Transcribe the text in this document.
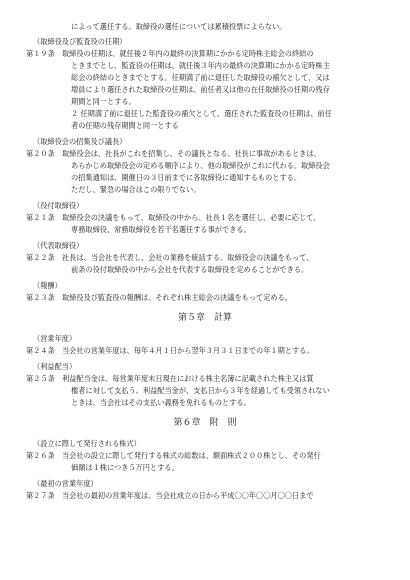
によって選任する。取締役の選任については累積投票によらない。
（取締役及び監査役の任期）
第１９条　取締役の任期は、就任後２年内の最終の決算期にかかる定時株主総会の終結の
ときまでとし、監査役の任期は、就任後３年内の最終の決算期にかかる定時株主
総会の終結のときまでとする。任期満了前に退任した取締役の補欠として、又は
増員により選任された取締役の任期は、前任者又は他の在任取締役の任期の残存
期間と同一とする。
２ 任期満了前に退任した監査役の補欠として、選任された監査役の任期は、前任
者の任期の残存期間と同一とする
（取締役会の招集及び議長）
第２０条　取締役会は、社長がこれを招集し、その議長となる。社長に事故があるときは、
あらかじめ取締役会の定める順序により、他の取締役がこれに代わる。取締役会
の招集通知は、開催日の３日前までに各取締役に通知するものとする。
ただし、緊急の場合はこの限りでない。
（役付取締役）
第２１条　取締役会の決議をもって、取締役の中から、社長１名を選任し、必要に応じて、
専務取締役、常務取締役を若干名選任する事ができる。
（代表取締役）
第２２条　社長は、当会社を代表し、会社の業務を統括する。取締役会の決議をもって、
前条の役付取締役の中から会社を代表する取締役を定めることができる。
（報酬）
第２３条　取締役及び監査役の報酬は、それぞれ株主総会の決議をもって定める。
（営業年度）
第２４条　当会社の営業年度は、毎年４月１日から翌年３月３１日までの年１期とする。
（利益配当）
第２５条　利益配当金は、毎営業年度末日現在における株主名簿に記載された株主又は質
権者に対して支払う。利益配当金が、支払日から３年を経過しても受領されない
ときは、当会社はその支払い義務を免れるものとする。
（設立に際して発行される株式）
第２６条　当会社の設立に際して発行する株式の総数は、額面株式２００株とし、その発行
価額は１株につき５万円とする。
（最初の営業年度）
第２７条　当会社の最初の営業年度は、当会社成立の日から平成〇〇年〇〇月〇〇日まで
第５章　計算
第６章　附　則
